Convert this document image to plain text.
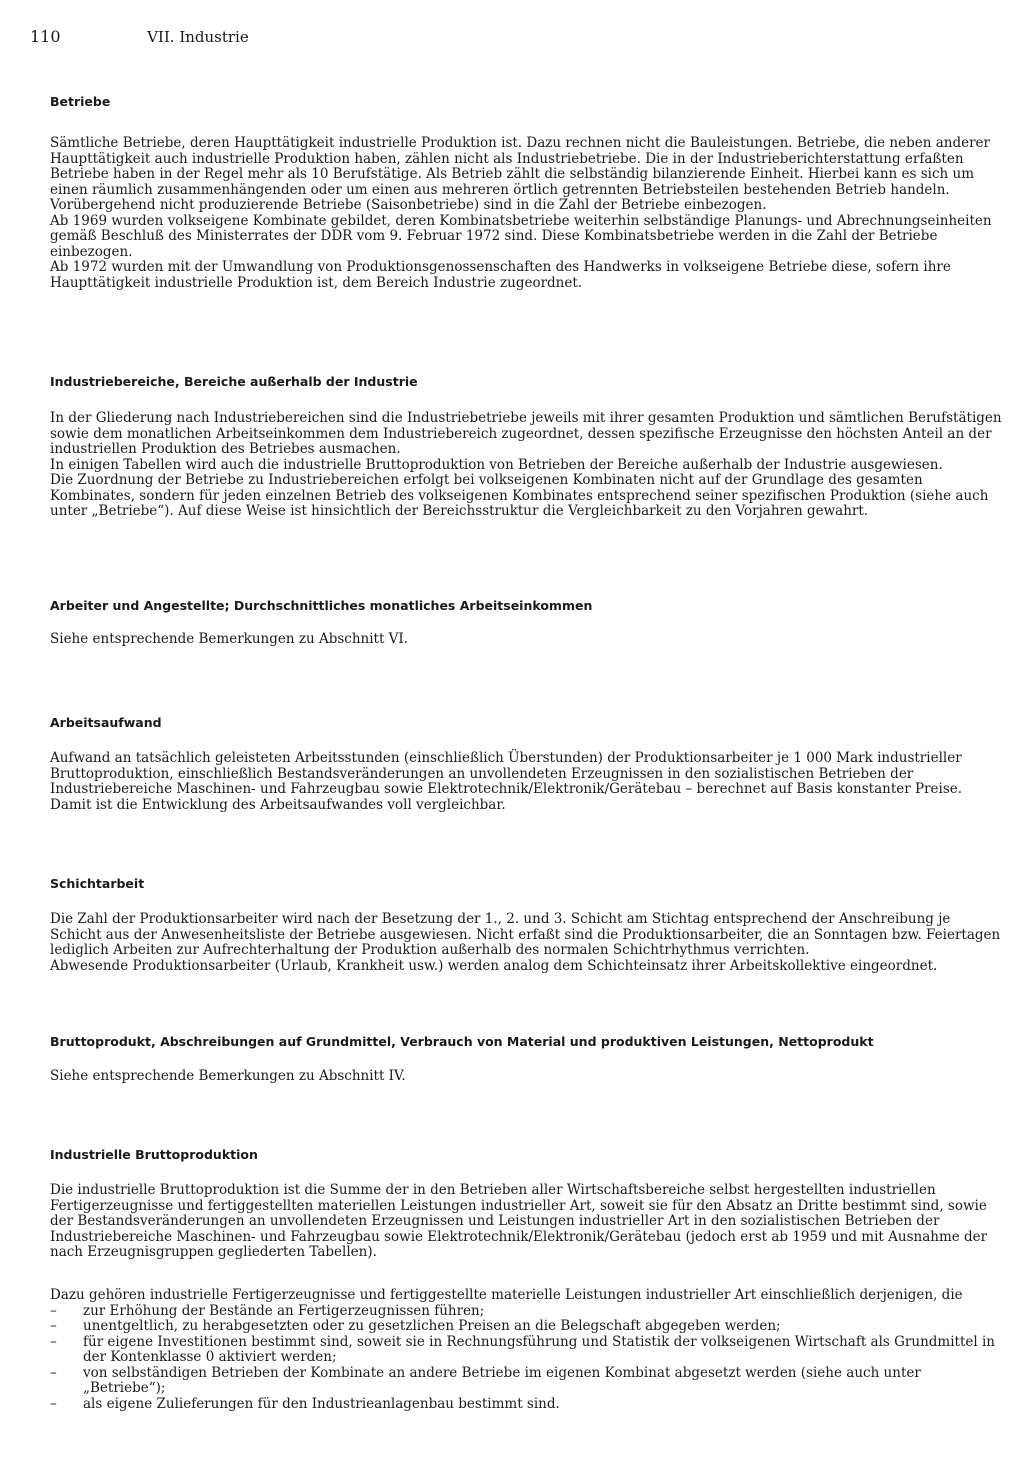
110	VII. Industrie
Betriebe

Sämtliche Betriebe, deren Haupttätigkeit industrielle Produktion ist. Dazu rechnen nicht die Bauleistungen. Betriebe, die neben anderer Haupttätigkeit auch industrielle Produktion haben, zählen nicht als Industriebetriebe. Die in der Industrieberichterstattung erfaßten Betriebe haben in der Regel mehr als 10 Berufstätige. Als Betrieb zählt die selbständig bilanzierende Einheit. Hierbei kann es sich um einen räumlich zusammenhängenden oder um einen aus mehreren örtlich getrennten Betriebsteilen bestehenden Betrieb handeln. Vorübergehend nicht produzierende Betriebe (Saisonbetriebe) sind in die Zahl der Betriebe einbezogen.

Ab 1969 wurden volkseigene Kombinate gebildet, deren Kombinatsbetriebe weiterhin selbständige Planungs- und Abrechnungseinheiten gemäß Beschluß des Ministerrates der DDR vom 9. Februar 1972 sind. Diese Kombinatsbetriebe werden in die Zahl der Betriebe einbezogen.

Ab 1972 wurden mit der Umwandlung von Produktionsgenossenschaften des Handwerks in volkseigene Betriebe diese, sofern ihre Haupttätigkeit industrielle Produktion ist, dem Bereich Industrie zugeordnet.

Industriebereiche, Bereiche außerhalb der Industrie

In der Gliederung nach Industriebereichen sind die Industriebetriebe jeweils mit ihrer gesamten Produktion und sämtlichen Berufstätigen sowie dem monatlichen Arbeitseinkommen dem Industriebereich zugeordnet, dessen spezifische Erzeugnisse den höchsten Anteil an der industriellen Produktion des Betriebes ausmachen.

In einigen Tabellen wird auch die industrielle Bruttoproduktion von Betrieben der Bereiche außerhalb der Industrie ausgewiesen.

Die Zuordnung der Betriebe zu Industriebereichen erfolgt bei volkseigenen Kombinaten nicht auf der Grundlage des gesamten Kombinates, sondern für jeden einzelnen Betrieb des volkseigenen Kombinates entsprechend seiner spezifischen Produktion (siehe auch unter „Betriebe“). Auf diese Weise ist hinsichtlich der Bereichsstruktur die Vergleichbarkeit zu den Vorjahren gewahrt.

Arbeiter und Angestellte; Durchschnittliches monatliches Arbeitseinkommen

Siehe entsprechende Bemerkungen zu Abschnitt VI.

Arbeitsaufwand

Aufwand an tatsächlich geleisteten Arbeitsstunden (einschließlich Überstunden) der Produktionsarbeiter je 1 000 Mark industrieller Bruttoproduktion, einschließlich Bestandsveränderungen an unvollendeten Erzeugnissen in den sozialistischen Betrieben der Industriebereiche Maschinen- und Fahrzeugbau sowie Elektrotechnik/Elektronik/Gerätebau – berechnet auf Basis konstanter Preise. Damit ist die Entwicklung des Arbeitsaufwandes voll vergleichbar.

Schichtarbeit

Die Zahl der Produktionsarbeiter wird nach der Besetzung der 1., 2. und 3. Schicht am Stichtag entsprechend der Anschreibung je Schicht aus der Anwesenheitsliste der Betriebe ausgewiesen. Nicht erfaßt sind die Produktionsarbeiter, die an Sonntagen bzw. Feiertagen lediglich Arbeiten zur Aufrechterhaltung der Produktion außerhalb des normalen Schichtrhythmus verrichten.

Abwesende Produktionsarbeiter (Urlaub, Krankheit usw.) werden analog dem Schichteinsatz ihrer Arbeitskollektive eingeordnet.

Bruttoprodukt, Abschreibungen auf Grundmittel, Verbrauch von Material und produktiven Leistungen, Nettoprodukt

Siehe entsprechende Bemerkungen zu Abschnitt IV.

Industrielle Bruttoproduktion

Die industrielle Bruttoproduktion ist die Summe der in den Betrieben aller Wirtschaftsbereiche selbst hergestellten industriellen Fertigerzeugnisse und fertiggestellten materiellen Leistungen industrieller Art, soweit sie für den Absatz an Dritte bestimmt sind, sowie der Bestandsveränderungen an unvollendeten Erzeugnissen und Leistungen industrieller Art in den sozialistischen Betrieben der Industriebereiche Maschinen- und Fahrzeugbau sowie Elektrotechnik/Elektronik/Gerätebau (jedoch erst ab 1959 und mit Ausnahme der nach Erzeugnisgruppen gegliederten Tabellen).

Dazu gehören industrielle Fertigerzeugnisse und fertiggestellte materielle Leistungen industrieller Art einschließlich derjenigen, die

–	zur Erhöhung der Bestände an Fertigerzeugnissen führen;
–	unentgeltlich, zu herabgesetzten oder zu gesetzlichen Preisen an die Belegschaft abgegeben werden;
–	für eigene Investitionen bestimmt sind, soweit sie in Rechnungsführung und Statistik der volkseigenen Wirtschaft als Grundmittel in der Kontenklasse 0 aktiviert werden;
–	von selbständigen Betrieben der Kombinate an andere Betriebe im eigenen Kombinat abgesetzt werden (siehe auch unter „Betriebe“);
–	als eigene Zulieferungen für den Industrieanlagenbau bestimmt sind.
